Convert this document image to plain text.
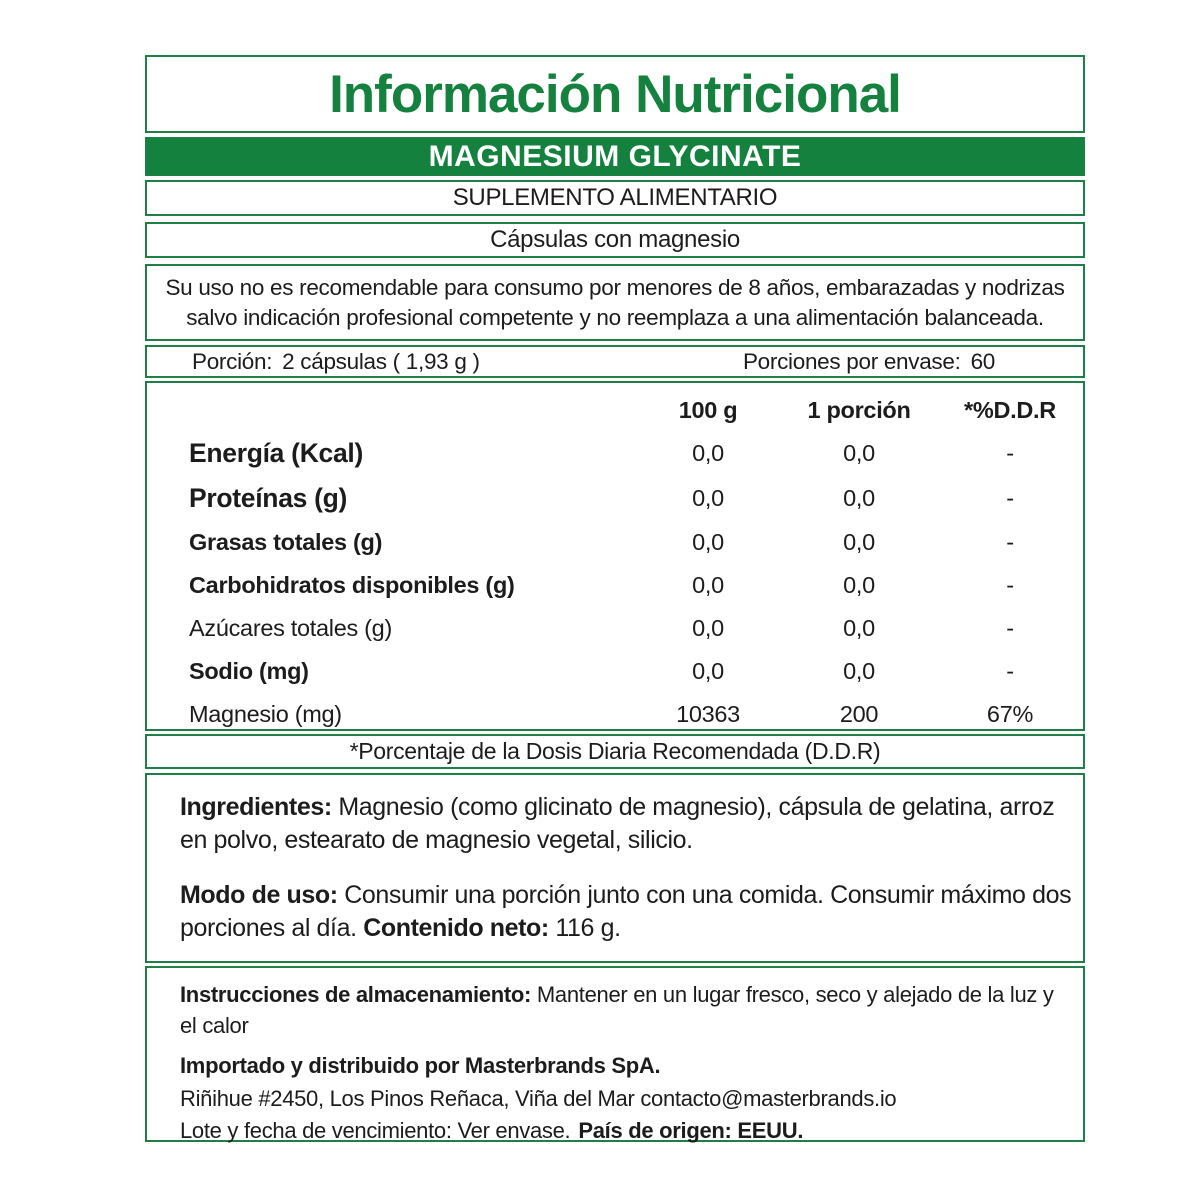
Información Nutricional
MAGNESIUM GLYCINATE
SUPLEMENTO ALIMENTARIO
Cápsulas con magnesio
Su uso no es recomendable para consumo por menores de 8 años, embarazadas y nodrizas salvo indicación profesional competente y no reemplaza a una alimentación balanceada.
Porción: 2 cápsulas ( 1,93 g )	Porciones por envase: 60
100 g	1 porción	*%D.D.R
Energía (Kcal)	0,0	0,0	-
Proteínas (g)	0,0	0,0	-
Grasas totales (g)	0,0	0,0	-
Carbohidratos disponibles (g)	0,0	0,0	-
Azúcares totales (g)	0,0	0,0	-
Sodio (mg)	0,0	0,0	-
Magnesio (mg)	10363	200	67%
*Porcentaje de la Dosis Diaria Recomendada (D.D.R)

Ingredientes: Magnesio (como glicinato de magnesio), cápsula de gelatina, arroz en polvo, estearato de magnesio vegetal, silicio.

Modo de uso: Consumir una porción junto con una comida. Consumir máximo dos porciones al día. Contenido neto: 116 g.

Instrucciones de almacenamiento: Mantener en un lugar fresco, seco y alejado de la luz y el calor

Importado y distribuido por Masterbrands SpA.

Riñihue #2450, Los Pinos Reñaca, Viña del Mar contacto@masterbrands.io

Lote y fecha de vencimiento: Ver envase. País de origen: EEUU.
